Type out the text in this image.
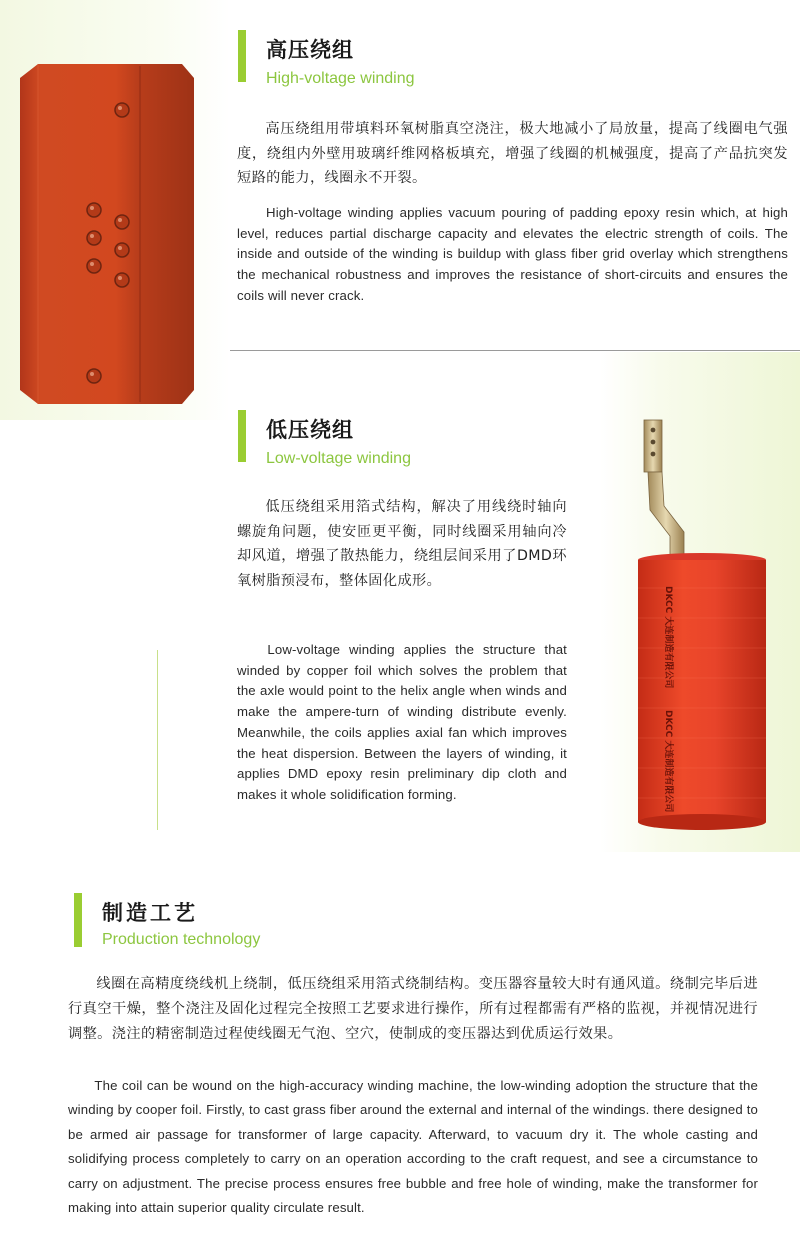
高压绕组

High-voltage winding

高压绕组用带填料环氧树脂真空浇注，极大地减小了局放量，提高了线圈电气强度，绕组内外壁用玻璃纤维网格板填充，增强了线圈的机械强度，提高了产品抗突发短路的能力，线圈永不开裂。

High-voltage winding applies vacuum pouring of padding epoxy resin which, at high level, reduces partial discharge capacity and elevates the electric strength of coils. The inside and outside of the winding is buildup with glass fiber grid overlay which strengthens the mechanical robustness and improves the resistance of short-circuits and ensures the coils will never crack.

低压绕组

Low-voltage winding

低压绕组采用箔式结构，解决了用线绕时轴向螺旋角问题，使安匝更平衡，同时线圈采用轴向冷却风道，增强了散热能力，绕组层间采用了DMD环氧树脂预浸布，整体固化成形。

Low-voltage winding applies the structure that winded by copper foil which solves the problem that the axle would point to the helix angle when winds and make the ampere-turn of winding distribute evenly. Meanwhile, the coils applies axial fan which improves the heat dispersion. Between the layers of winding, it applies DMD epoxy resin preliminary dip cloth and makes it whole solidification forming.

DKCC 大连制造有限公司
DKCC 大连制造有限公司
制造工艺

Production technology

线圈在高精度绕线机上绕制，低压绕组采用箔式绕制结构。变压器容量较大时有通风道。绕制完毕后进行真空干燥，整个浇注及固化过程完全按照工艺要求进行操作，所有过程都需有严格的监视，并视情况进行调整。浇注的精密制造过程使线圈无气泡、空穴，使制成的变压器达到优质运行效果。

The coil can be wound on the high-accuracy winding machine, the low-winding adoption the structure that the winding by cooper foil. Firstly, to cast grass fiber around the external and internal of the windings. there designed to be armed air passage for transformer of large capacity. Afterward, to vacuum dry it. The whole casting and solidifying process completely to carry on an operation according to the craft request, and see a circumstance to carry on adjustment. The precise process ensures free bubble and free hole of winding, make the transformer for making into attain superior quality circulate result.
